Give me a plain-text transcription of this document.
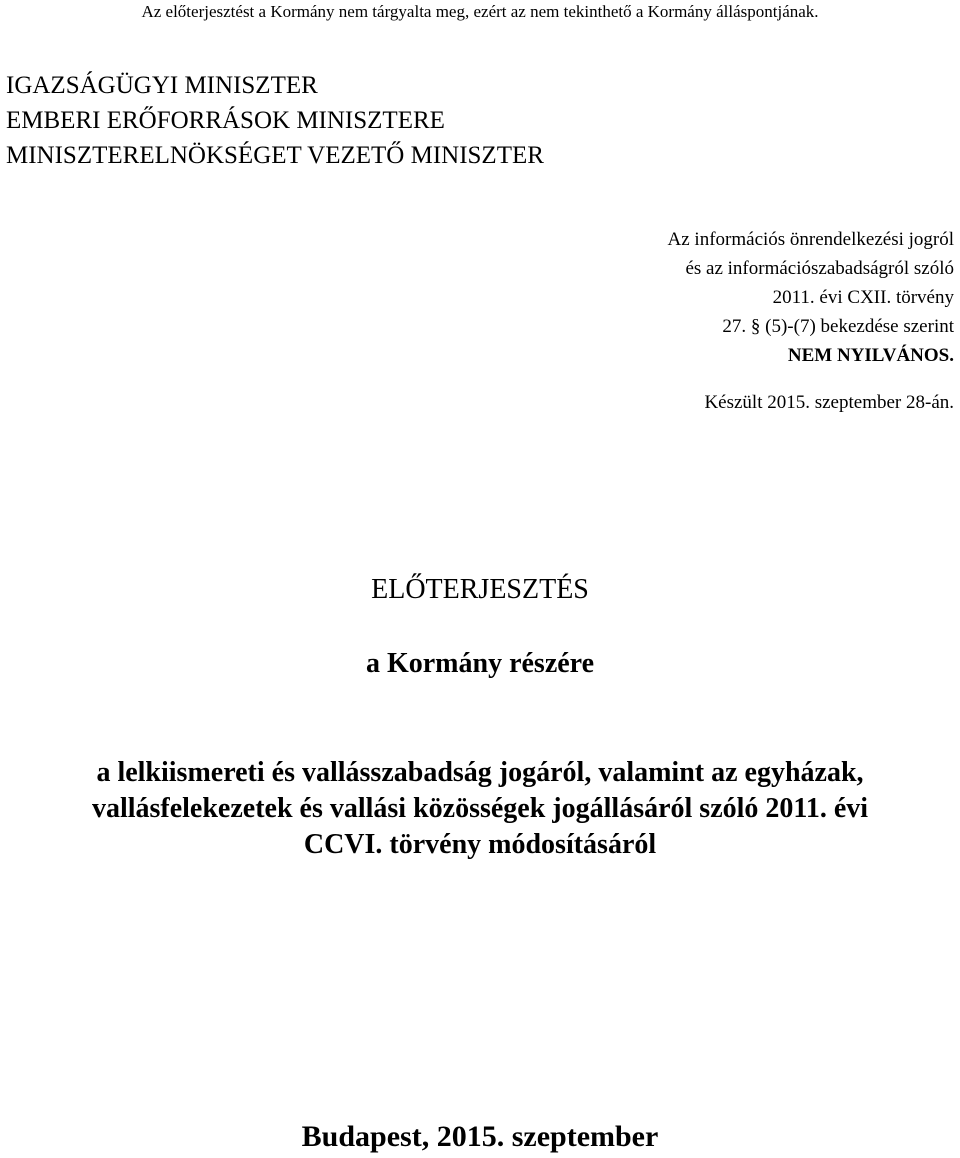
Az előterjesztést a Kormány nem tárgyalta meg, ezért az nem tekinthető a Kormány álláspontjának.
IGAZSÁGÜGYI MINISZTER
EMBERI ERŐFORRÁSOK MINISZTERE
MINISZTERELNÖKSÉGET VEZETŐ MINISZTER
Az információs önrendelkezési jogról
és az információszabadságról szóló
2011. évi CXII. törvény
27. § (5)-(7) bekezdése szerint
NEM NYILVÁNOS.
Készült 2015. szeptember 28-án.
ELŐTERJESZTÉS
a Kormány részére
a lelkiismereti és vallásszabadság jogáról, valamint az egyházak,
vallásfelekezetek és vallási közösségek jogállásáról szóló 2011. évi
CCVI. törvény módosításáról
Budapest, 2015. szeptember
